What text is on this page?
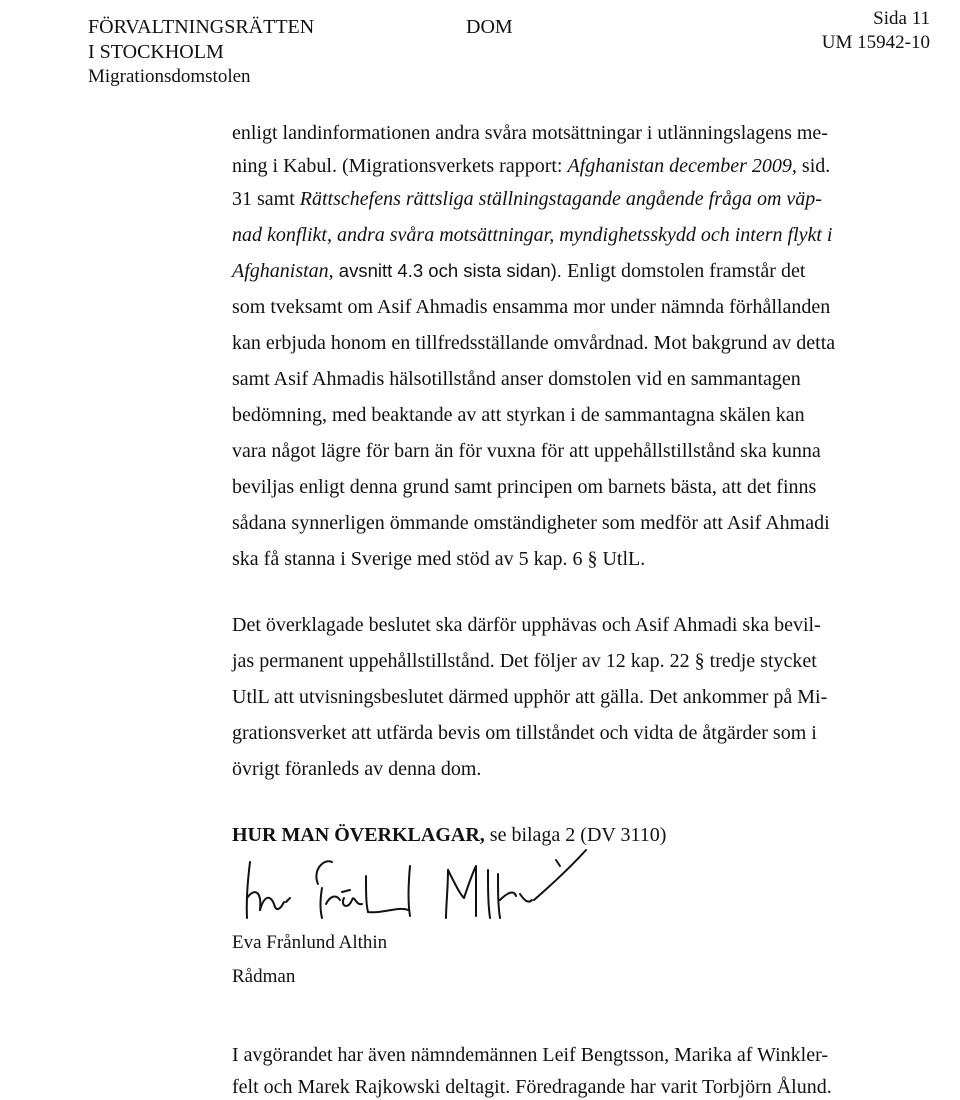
FÖRVALTNINGSRÄTTEN
I STOCKHOLM
Migrationsdomstolen
DOM	Sida 11
UM 15942-10
enligt landinformationen andra svåra motsättningar i utlänningslagens me-
ning i Kabul. (Migrationsverkets rapport: Afghanistan december 2009, sid.
31 samt Rättschefens rättsliga ställningstagande angående fråga om väp-
nad konflikt, andra svåra motsättningar, myndighetsskydd och intern flykt i
Afghanistan, avsnitt 4.3 och sista sidan). Enligt domstolen framstår det
som tveksamt om Asif Ahmadis ensamma mor under nämnda förhållanden
kan erbjuda honom en tillfredsställande omvårdnad. Mot bakgrund av detta
samt Asif Ahmadis hälsotillstånd anser domstolen vid en sammantagen
bedömning, med beaktande av att styrkan i de sammantagna skälen kan
vara något lägre för barn än för vuxna för att uppehållstillstånd ska kunna
beviljas enligt denna grund samt principen om barnets bästa, att det finns
sådana synnerligen ömmande omständigheter som medför att Asif Ahmadi
ska få stanna i Sverige med stöd av 5 kap. 6 § UtlL.
Det överklagade beslutet ska därför upphävas och Asif Ahmadi ska bevil-
jas permanent uppehållstillstånd. Det följer av 12 kap. 22 § tredje stycket
UtlL att utvisningsbeslutet därmed upphör att gälla. Det ankommer på Mi-
grationsverket att utfärda bevis om tillståndet och vidta de åtgärder som i
övrigt föranleds av denna dom.
HUR MAN ÖVERKLAGAR, se bilaga 2 (DV 3110)
Eva Frånlund Althin
Rådman
I avgörandet har även nämndemännen Leif Bengtsson, Marika af Winkler-
felt och Marek Rajkowski deltagit. Föredragande har varit Torbjörn Ålund.
